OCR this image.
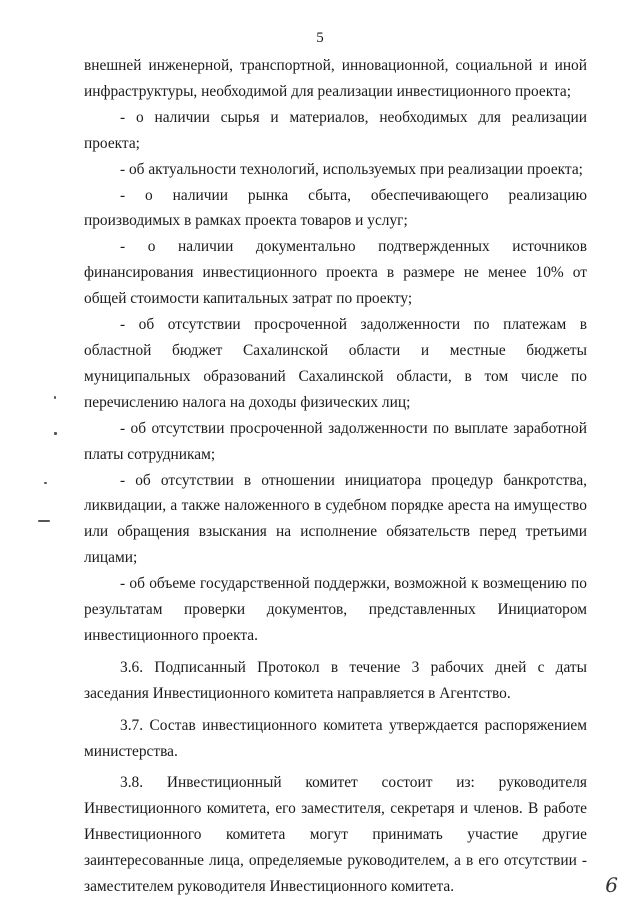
5

внешней инженерной, транспортной, инновационной, социальной и иной инфраструктуры, необходимой для реализации инвестиционного проекта;

- о наличии сырья и материалов, необходимых для реализации проекта;

- об актуальности технологий, используемых при реализации проекта;

- о наличии рынка сбыта, обеспечивающего реализацию производимых в рамках проекта товаров и услуг;

- о наличии документально подтвержденных источников финансирования инвестиционного проекта в размере не менее 10% от общей стоимости капитальных затрат по проекту;

- об отсутствии просроченной задолженности по платежам в областной бюджет Сахалинской области и местные бюджеты муниципальных образований Сахалинской области, в том числе по перечислению налога на доходы физических лиц;

- об отсутствии просроченной задолженности по выплате заработной платы сотрудникам;

- об отсутствии в отношении инициатора процедур банкротства, ликвидации, а также наложенного в судебном порядке ареста на имущество или обращения взыскания на исполнение обязательств перед третьими лицами;

- об объеме государственной поддержки, возможной к возмещению по результатам проверки документов, представленных Инициатором инвестиционного проекта.

3.6. Подписанный Протокол в течение 3 рабочих дней с даты заседания Инвестиционного комитета направляется в Агентство.

3.7. Состав инвестиционного комитета утверждается распоряжением министерства.

3.8. Инвестиционный комитет состоит из: руководителя Инвестиционного комитета, его заместителя, секретаря и членов. В работе Инвестиционного комитета могут принимать участие другие заинтересованные лица, определяемые руководителем, а в его отсутствии - заместителем руководителя Инвестиционного комитета.	6
